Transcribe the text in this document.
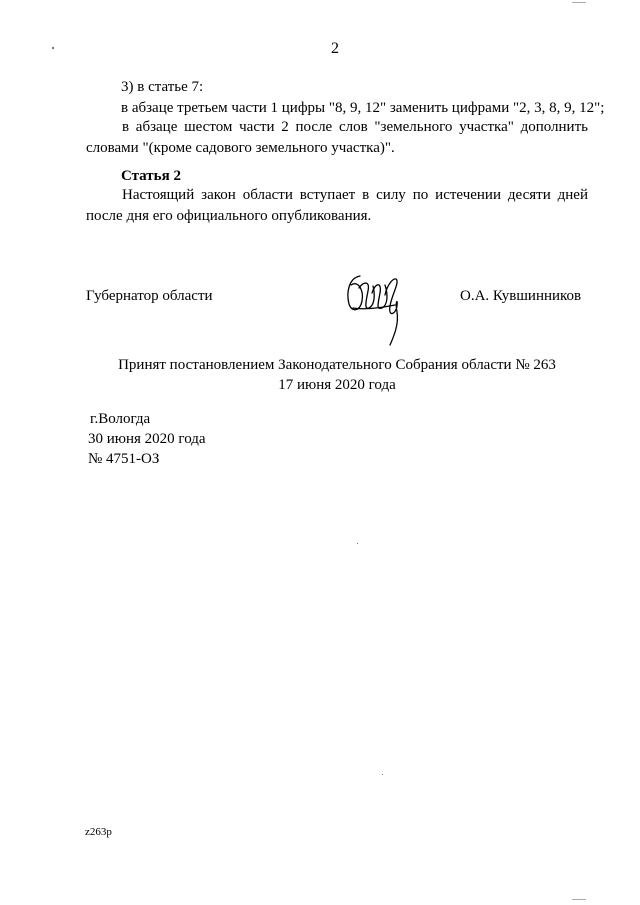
2
3) в статье 7:
в абзаце третьем части 1 цифры "8, 9, 12" заменить цифрами "2, 3, 8, 9, 12";
в абзаце шестом части 2 после слов "земельного участка" дополнить
словами "(кроме садового земельного участка)".
Статья 2
Настоящий закон области вступает в силу по истечении десяти дней
после дня его официального опубликования.
Губернатор области	О.А. Кувшинников
Принят постановлением Законодательного Собрания области № 263
17 июня 2020 года
г.Вологда
30 июня 2020 года
№ 4751-ОЗ
z263p
